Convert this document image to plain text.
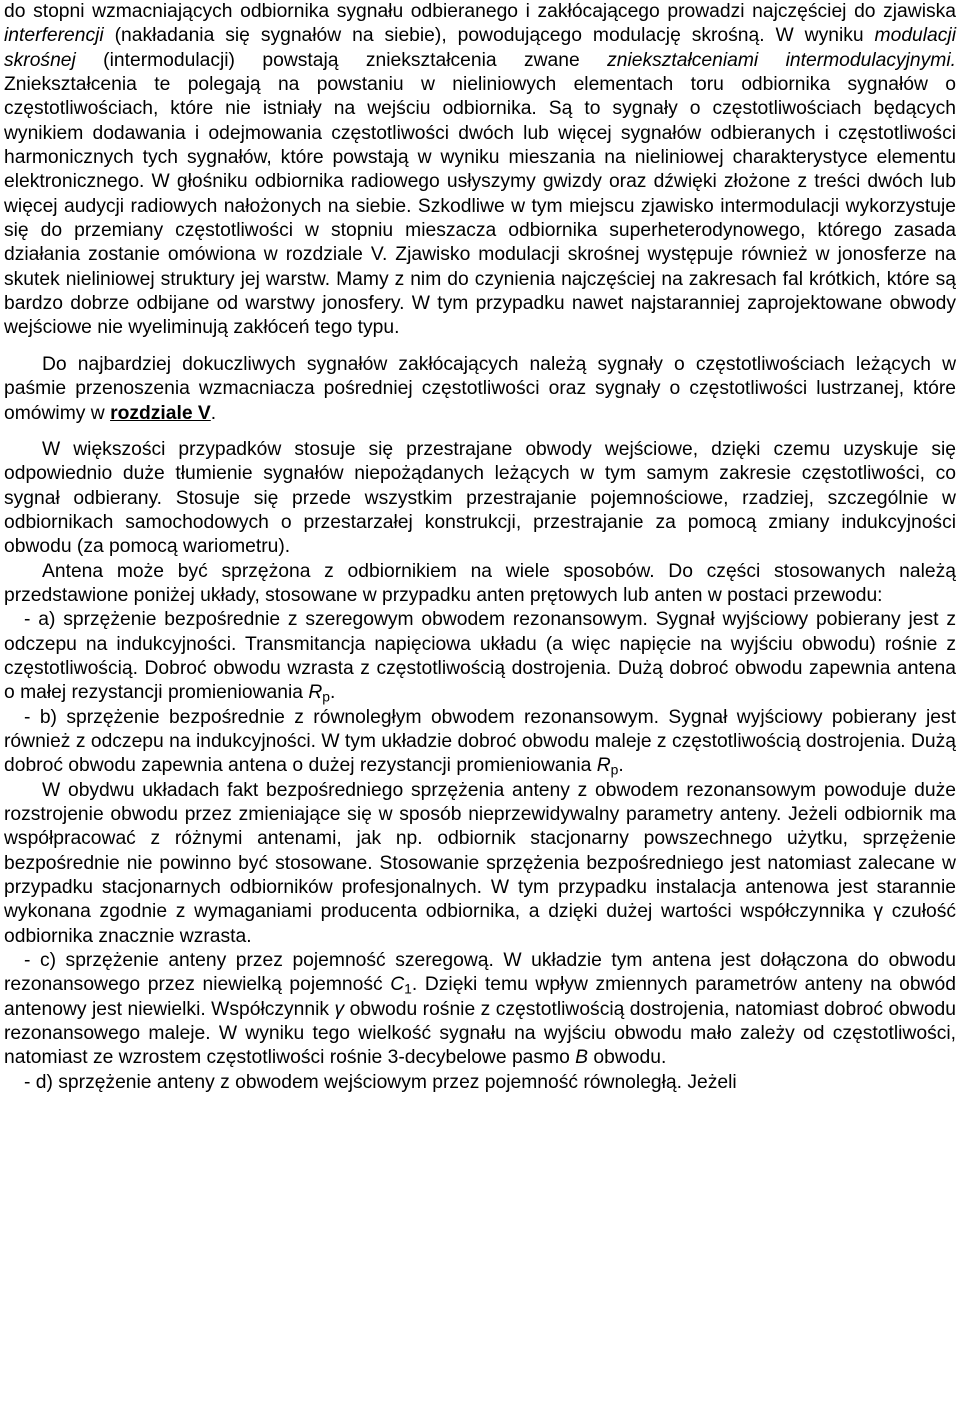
do stopni wzmacniających odbiornika sygnału odbieranego i zakłócającego prowadzi najczęściej do zjawiska interferencji (nakładania się sygnałów na siebie), powodującego modulację skrośną. W wyniku modulacji skrośnej (intermodulacji) powstają zniekształcenia zwane zniekształceniami intermodulacyjnymi. Zniekształcenia te polegają na powstaniu w nieliniowych elementach toru odbiornika sygnałów o częstotliwościach, które nie istniały na wejściu odbiornika. Są to sygnały o częstotliwościach będących wynikiem dodawania i odejmowania częstotliwości dwóch lub więcej sygnałów odbieranych i częstotliwości harmonicznych tych sygnałów, które powstają w wyniku mieszania na nieliniowej charakterystyce elementu elektronicznego. W głośniku odbiornika radiowego usłyszymy gwizdy oraz dźwięki złożone z treści dwóch lub więcej audycji radiowych nałożonych na siebie. Szkodliwe w tym miejscu zjawisko intermodulacji wykorzystuje się do przemiany częstotliwości w stopniu mieszacza odbiornika superheterodynowego, którego zasada działania zostanie omówiona w rozdziale V. Zjawisko modulacji skrośnej występuje również w jonosferze na skutek nieliniowej struktury jej warstw. Mamy z nim do czynienia najczęściej na zakresach fal krótkich, które są bardzo dobrze odbijane od warstwy jonosfery. W tym przypadku nawet najstaranniej zaprojektowane obwody wejściowe nie wyeliminują zakłóceń tego typu.

Do najbardziej dokuczliwych sygnałów zakłócających należą sygnały o częstotliwościach leżących w paśmie przenoszenia wzmacniacza pośredniej częstotliwości oraz sygnały o częstotliwości lustrzanej, które omówimy w rozdziale V.

W większości przypadków stosuje się przestrajane obwody wejściowe, dzięki czemu uzyskuje się odpowiednio duże tłumienie sygnałów niepożądanych leżących w tym samym zakresie częstotliwości, co sygnał odbierany. Stosuje się przede wszystkim przestrajanie pojemnościowe, rzadziej, szczególnie w odbiornikach samochodowych o przestarzałej konstrukcji, przestrajanie za pomocą zmiany indukcyjności obwodu (za pomocą wariometru).

Antena może być sprzężona z odbiornikiem na wiele sposobów. Do części stosowanych należą przedstawione poniżej układy, stosowane w przypadku anten prętowych lub anten w postaci przewodu:

- a) sprzężenie bezpośrednie z szeregowym obwodem rezonansowym. Sygnał wyjściowy pobierany jest z odczepu na indukcyjności. Transmitancja napięciowa układu (a więc napięcie na wyjściu obwodu) rośnie z częstotliwością. Dobroć obwodu wzrasta z częstotliwością dostrojenia. Dużą dobroć obwodu zapewnia antena o małej rezystancji promieniowania $R_p$.

- b) sprzężenie bezpośrednie z równoległym obwodem rezonansowym. Sygnał wyjściowy pobierany jest również z odczepu na indukcyjności. W tym układzie dobroć obwodu maleje z częstotliwością dostrojenia. Dużą dobroć obwodu zapewnia antena o dużej rezystancji promieniowania $R_p$.

W obydwu układach fakt bezpośredniego sprzężenia anteny z obwodem rezonansowym powoduje duże rozstrojenie obwodu przez zmieniające się w sposób nieprzewidywalny parametry anteny. Jeżeli odbiornik ma współpracować z różnymi antenami, jak np. odbiornik stacjonarny powszechnego użytku, sprzężenie bezpośrednie nie powinno być stosowane. Stosowanie sprzężenia bezpośredniego jest natomiast zalecane w przypadku stacjonarnych odbiorników profesjonalnych. W tym przypadku instalacja antenowa jest starannie wykonana zgodnie z wymaganiami producenta odbiornika, a dzięki dużej wartości współczynnika γ czułość odbiornika znacznie wzrasta.

- c) sprzężenie anteny przez pojemność szeregową. W układzie tym antena jest dołączona do obwodu rezonansowego przez niewielką pojemność $C_1$. Dzięki temu wpływ zmiennych parametrów anteny na obwód antenowy jest niewielki. Współczynnik γ obwodu rośnie z częstotliwością dostrojenia, natomiast dobroć obwodu rezonansowego maleje. W wyniku tego wielkość sygnału na wyjściu obwodu mało zależy od częstotliwości, natomiast ze wzrostem częstotliwości rośnie 3-decybelowe pasmo B obwodu.

- d) sprzężenie anteny z obwodem wejściowym przez pojemność równoległą. Jeżeli
